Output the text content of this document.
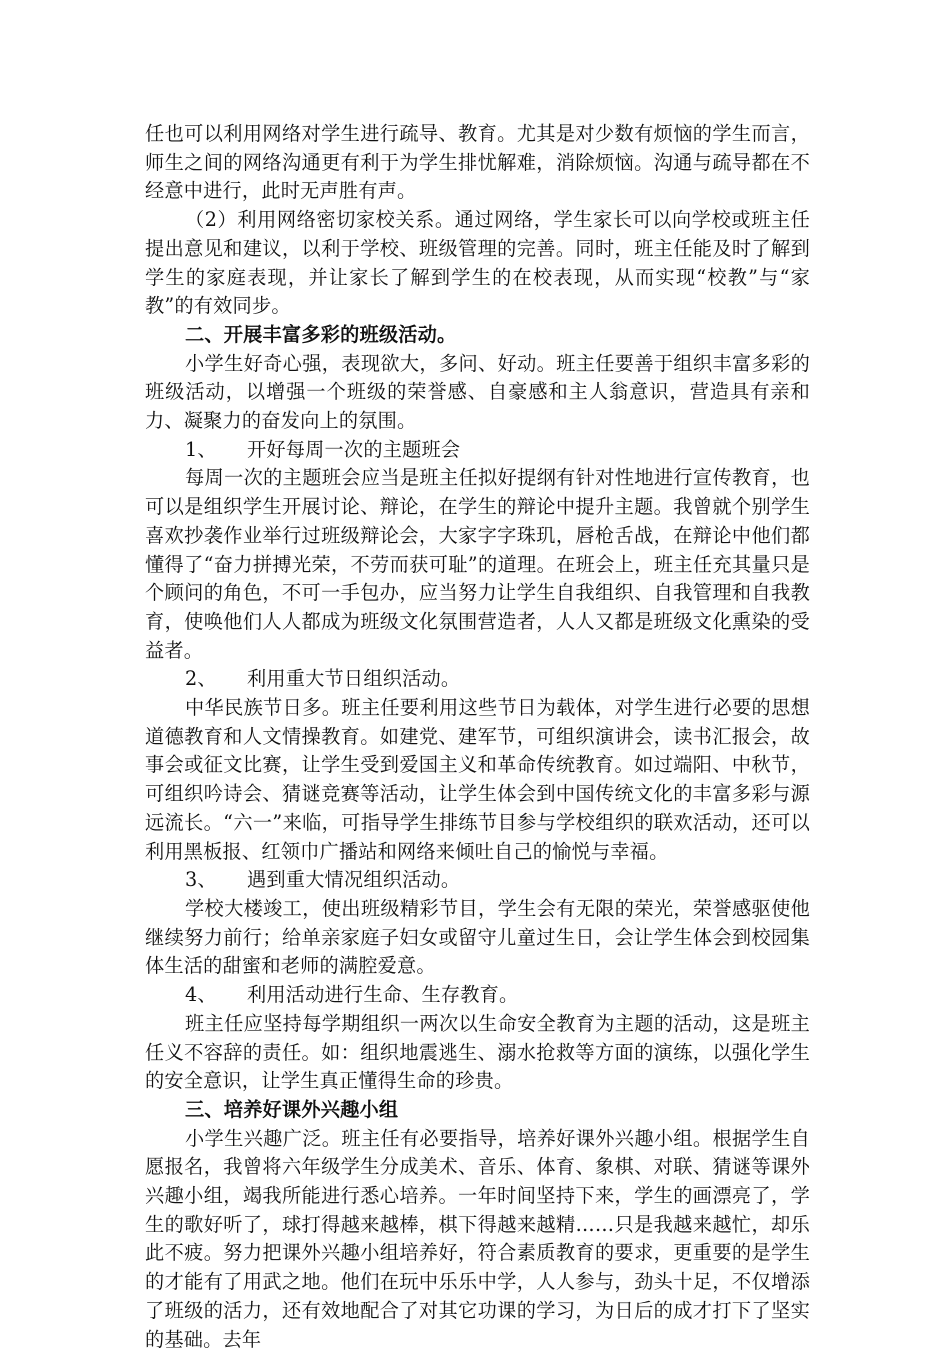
任也可以利用网络对学生进行疏导、教育。尤其是对少数有烦恼的学生而言，师生之间的网络沟通更有利于为学生排忧解难，消除烦恼。沟通与疏导都在不经意中进行，此时无声胜有声。

（2）利用网络密切家校关系。通过网络，学生家长可以向学校或班主任提出意见和建议，以利于学校、班级管理的完善。同时，班主任能及时了解到学生的家庭表现，并让家长了解到学生的在校表现，从而实现“校教”与“家教”的有效同步。

二、开展丰富多彩的班级活动。

小学生好奇心强，表现欲大，多问、好动。班主任要善于组织丰富多彩的班级活动，以增强一个班级的荣誉感、自豪感和主人翁意识，营造具有亲和力、凝聚力的奋发向上的氛围。

1、 开好每周一次的主题班会

每周一次的主题班会应当是班主任拟好提纲有针对性地进行宣传教育，也可以是组织学生开展讨论、辩论，在学生的辩论中提升主题。我曾就个别学生喜欢抄袭作业举行过班级辩论会，大家字字珠玑，唇枪舌战，在辩论中他们都懂得了“奋力拼搏光荣，不劳而获可耻”的道理。在班会上，班主任充其量只是个顾问的角色，不可一手包办，应当努力让学生自我组织、自我管理和自我教育，使唤他们人人都成为班级文化氛围营造者，人人又都是班级文化熏染的受益者。

2、 利用重大节日组织活动。

中华民族节日多。班主任要利用这些节日为载体，对学生进行必要的思想道德教育和人文情操教育。如建党、建军节，可组织演讲会，读书汇报会，故事会或征文比赛，让学生受到爱国主义和革命传统教育。如过端阳、中秋节，可组织吟诗会、猜谜竞赛等活动，让学生体会到中国传统文化的丰富多彩与源远流长。“六一”来临，可指导学生排练节目参与学校组织的联欢活动，还可以利用黑板报、红领巾广播站和网络来倾吐自己的愉悦与幸福。

3、 遇到重大情况组织活动。

学校大楼竣工，使出班级精彩节目，学生会有无限的荣光，荣誉感驱使他继续努力前行；给单亲家庭子妇女或留守儿童过生日，会让学生体会到校园集体生活的甜蜜和老师的满腔爱意。

4、 利用活动进行生命、生存教育。

班主任应坚持每学期组织一两次以生命安全教育为主题的活动，这是班主任义不容辞的责任。如：组织地震逃生、溺水抢救等方面的演练，以强化学生的安全意识，让学生真正懂得生命的珍贵。

三、培养好课外兴趣小组

小学生兴趣广泛。班主任有必要指导，培养好课外兴趣小组。根据学生自愿报名，我曾将六年级学生分成美术、音乐、体育、象棋、对联、猜谜等课外兴趣小组，竭我所能进行悉心培养。一年时间坚持下来，学生的画漂亮了，学生的歌好听了，球打得越来越棒，棋下得越来越精……只是我越来越忙，却乐此不疲。努力把课外兴趣小组培养好，符合素质教育的要求，更重要的是学生的才能有了用武之地。他们在玩中乐乐中学，人人参与，劲头十足，不仅增添了班级的活力，还有效地配合了对其它功课的学习，为日后的成才打下了坚实的基础。去年
